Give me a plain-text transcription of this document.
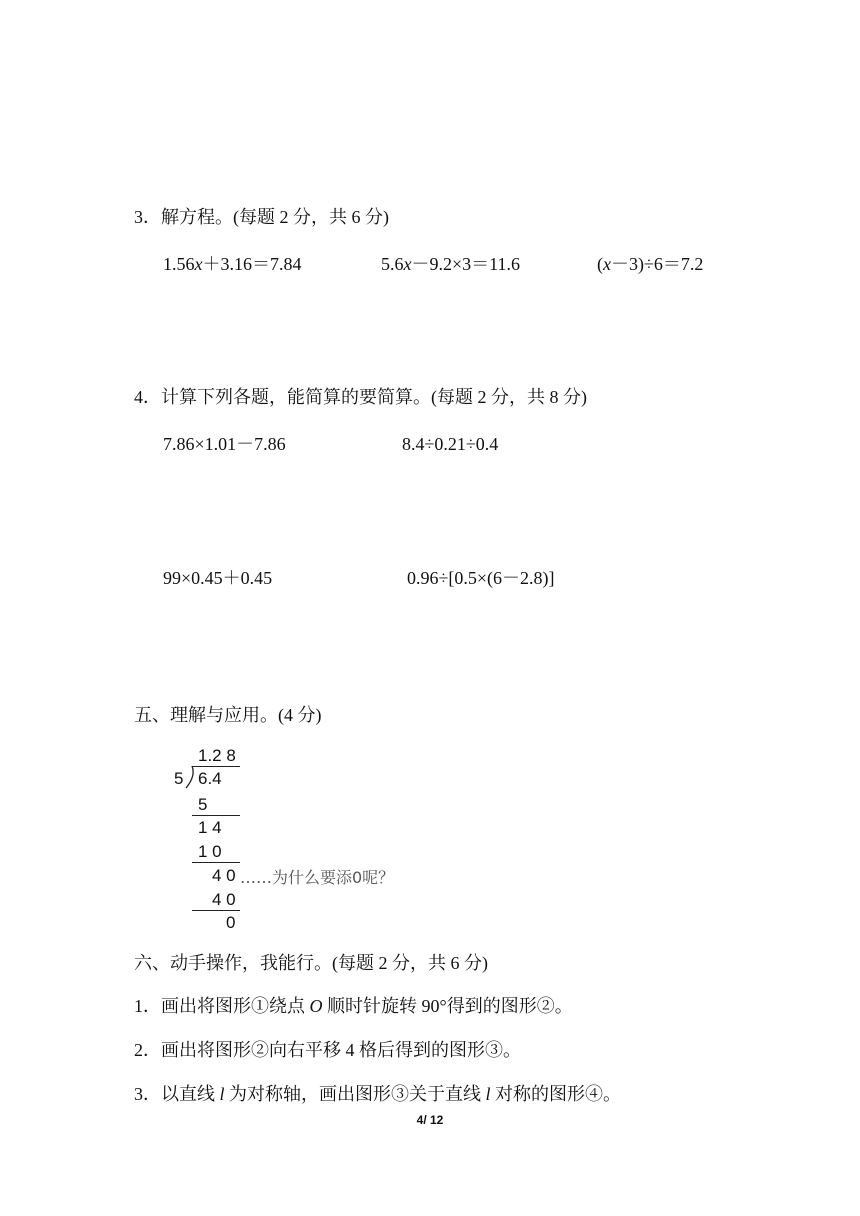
3．解方程。(每题 2 分，共 6 分)
1.56x＋3.16＝7.84	5.6x－9.2×3＝11.6	(x－3)÷6＝7.2
4．计算下列各题，能简算的要简算。(每题 2 分，共 8 分)
7.86×1.01－7.86	8.4÷0.21÷0.4
99×0.45＋0.45	0.96÷[0.5×(6－2.8)]
五、理解与应用。(4 分)
1.2 8
5 6.4
5
1 4
1 0
4 0
4 0
0
……为什么要添0呢？
六、动手操作，我能行。(每题 2 分，共 6 分)
1．画出将图形①绕点 O 顺时针旋转 90°得到的图形②。
2．画出将图形②向右平移 4 格后得到的图形③。
3．以直线 l 为对称轴，画出图形③关于直线 l 对称的图形④。
4/ 12
